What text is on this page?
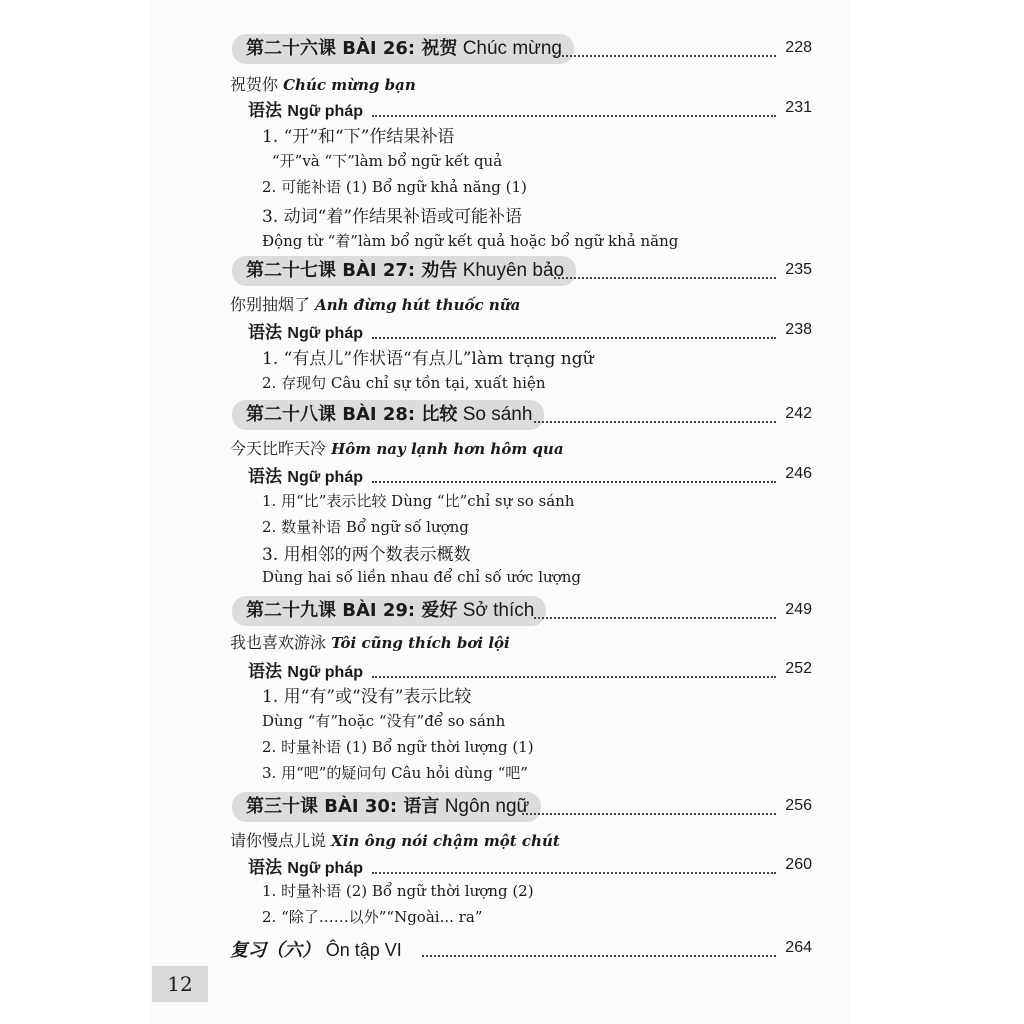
第二十六课 BÀI 26: 祝贺 Chúc mừng	228
祝贺你 Chúc mừng bạn
语法 Ngữ pháp	231
1. “开”和“下”作结果补语
“开”và “下”làm bổ ngữ kết quả
2. 可能补语 (1) Bổ ngữ khả năng (1)
3. 动词“着”作结果补语或可能补语
Động từ “着”làm bổ ngữ kết quả hoặc bổ ngữ khả năng
第二十七课 BÀI 27: 劝告 Khuyên bảo	235
你别抽烟了 Anh đừng hút thuốc nữa
语法 Ngữ pháp	238
1. “有点儿”作状语“有点儿”làm trạng ngữ
2. 存现句 Câu chỉ sự tồn tại, xuất hiện
第二十八课 BÀI 28: 比较 So sánh	242
今天比昨天冷 Hôm nay lạnh hơn hôm qua
语法 Ngữ pháp	246
1. 用“比”表示比较 Dùng “比”chỉ sự so sánh
2. 数量补语 Bổ ngữ số lượng
3. 用相邻的两个数表示概数
Dùng hai số liền nhau để chỉ số ước lượng
第二十九课 BÀI 29: 爱好 Sở thích	249
我也喜欢游泳 Tôi cũng thích bơi lội
语法 Ngữ pháp	252
1. 用“有”或“没有”表示比较
Dùng “有”hoặc “没有”để so sánh
2. 时量补语 (1) Bổ ngữ thời lượng (1)
3. 用“吧”的疑问句 Câu hỏi dùng “吧”
第三十课 BÀI 30: 语言 Ngôn ngữ	256
请你慢点儿说 Xin ông nói chậm một chút
语法 Ngữ pháp	260
1. 时量补语 (2) Bổ ngữ thời lượng (2)
2. “除了……以外”“Ngoài... ra”
复习（六） Ôn tập VI	264
12
